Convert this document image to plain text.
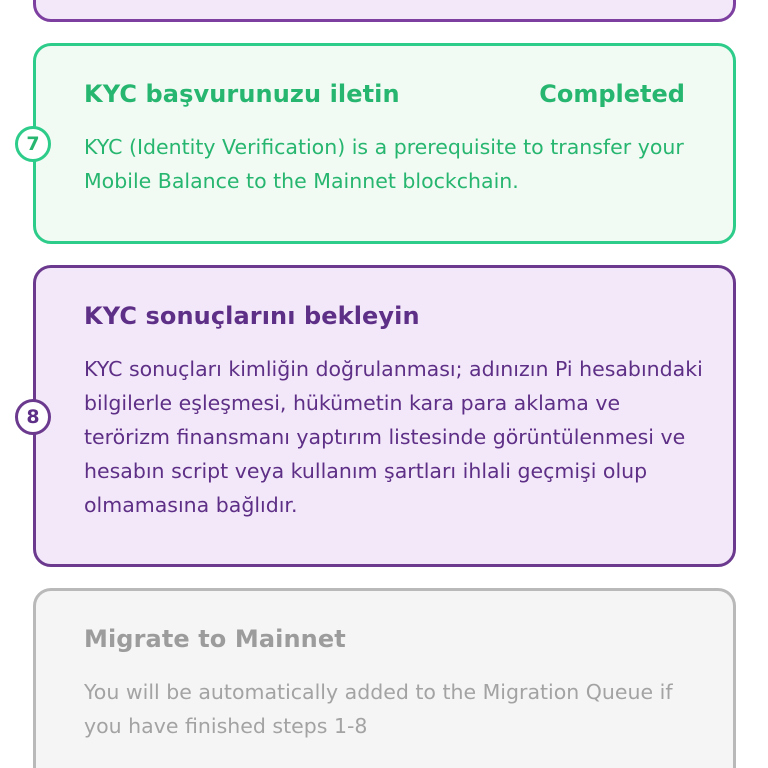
7
KYC başvurunuzu iletin	Completed
KYC (Identity Verification) is a prerequisite to transfer your Mobile Balance to the Mainnet blockchain.
8
KYC sonuçlarını bekleyin
KYC sonuçları kimliğin doğrulanması; adınızın Pi hesabındaki bilgilerle eşleşmesi, hükümetin kara para aklama ve terörizm finansmanı yaptırım listesinde görüntülenmesi ve hesabın script veya kullanım şartları ihlali geçmişi olup olmamasına bağlıdır.
Migrate to Mainnet
You will be automatically added to the Migration Queue if you have finished steps 1-8
